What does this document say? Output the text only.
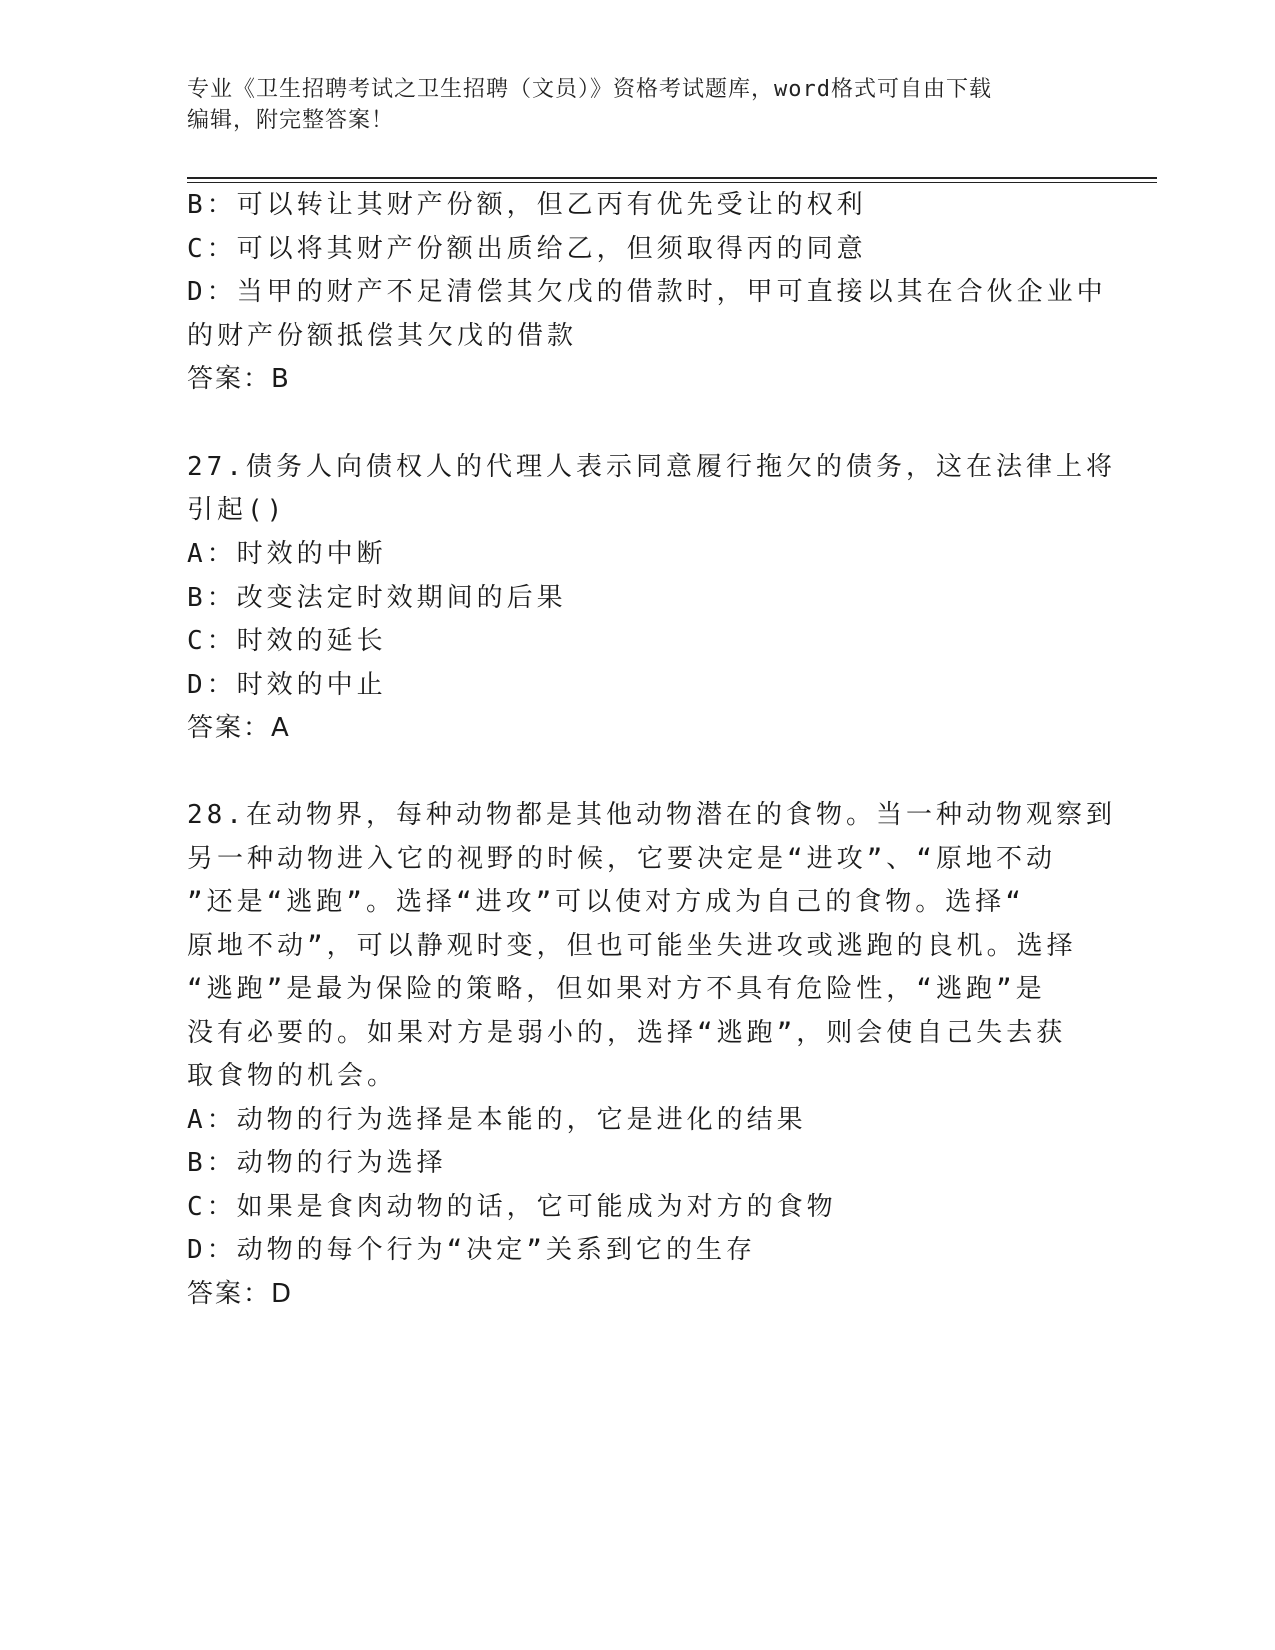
专业《卫生招聘考试之卫生招聘（文员）》资格考试题库，word格式可自由下载
编辑，附完整答案！
B：可以转让其财产份额，但乙丙有优先受让的权利
C：可以将其财产份额出质给乙，但须取得丙的同意
D：当甲的财产不足清偿其欠戊的借款时，甲可直接以其在合伙企业中
的财产份额抵偿其欠戊的借款
答案：B
27.债务人向债权人的代理人表示同意履行拖欠的债务，这在法律上将
引起()
A：时效的中断
B：改变法定时效期间的后果
C：时效的延长
D：时效的中止
答案：A
28.在动物界，每种动物都是其他动物潜在的食物。当一种动物观察到
另一种动物进入它的视野的时候，它要决定是“进攻”、“原地不动
”还是“逃跑”。选择“进攻”可以使对方成为自己的食物。选择“
原地不动”，可以静观时变，但也可能坐失进攻或逃跑的良机。选择
“逃跑”是最为保险的策略，但如果对方不具有危险性，“逃跑”是
没有必要的。如果对方是弱小的，选择“逃跑”，则会使自己失去获
取食物的机会。
A：动物的行为选择是本能的，它是进化的结果
B：动物的行为选择
C：如果是食肉动物的话，它可能成为对方的食物
D：动物的每个行为“决定”关系到它的生存
答案：D
